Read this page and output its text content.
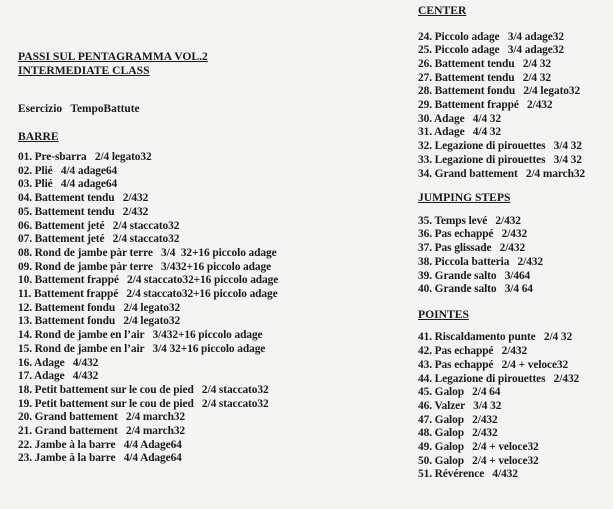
PASSI SUL PENTAGRAMMA VOL.2
INTERMEDIATE CLASS
Esercizio   TempoBattute
BARRE
01. Pre-sbarra   2/4 legato32
02. Plié   4/4 adage64
03. Plié   4/4 adage64
04. Battement tendu   2/432
05. Battement tendu   2/432
06. Battement jeté   2/4 staccato32
07. Battement jeté   2/4 staccato32
08. Rond de jambe pàr terre   3/4  32+16 piccolo adage
09. Rond de jambe pàr terre   3/432+16 piccolo adage
10. Battement frappé   2/4 staccato32+16 piccolo adage
11. Battement frappé   2/4 staccato32+16 piccolo adage
12. Battement fondu   2/4 legato32
13. Battement fondu   2/4 legato32
14. Rond de jambe en l’air   3/432+16 piccolo adage
15. Rond de jambe en l’air   3/4 32+16 piccolo adage
16. Adage   4/432
17. Adage   4/432
18. Petit battement sur le cou de pied   2/4 staccato32
19. Petit battement sur le cou de pied   2/4 staccato32
20. Grand battement   2/4 march32
21. Grand battement   2/4 march32
22. Jambe à la barre   4/4 Adage64
23. Jambe à la barre   4/4 Adage64
CENTER
24. Piccolo adage   3/4 adage32
25. Piccolo adage   3/4 adage32
26. Battement tendu   2/4 32
27. Battement tendu   2/4 32
28. Battement fondu   2/4 legato32
29. Battement frappé   2/432
30. Adage   4/4 32
31. Adage   4/4 32
32. Legazione di pirouettes   3/4 32
33. Legazione di pirouettes   3/4 32
34. Grand battement   2/4 march32
JUMPING STEPS
35. Temps levé   2/432
36. Pas echappé   2/432
37. Pas glissade   2/432
38. Piccola batteria   2/432
39. Grande salto   3/464
40. Grande salto   3/4 64
POINTES
41. Riscaldamento punte   2/4 32
42. Pas echappé   2/432
43. Pas echappé   2/4 + veloce32
44. Legazione di pirouettes   2/432
45. Galop   2/4 64
46. Valzer   3/4 32
47. Galop   2/432
48. Galop   2/432
49. Galop   2/4 + veloce32
50. Galop   2/4 + veloce32
51. Révérence   4/432
